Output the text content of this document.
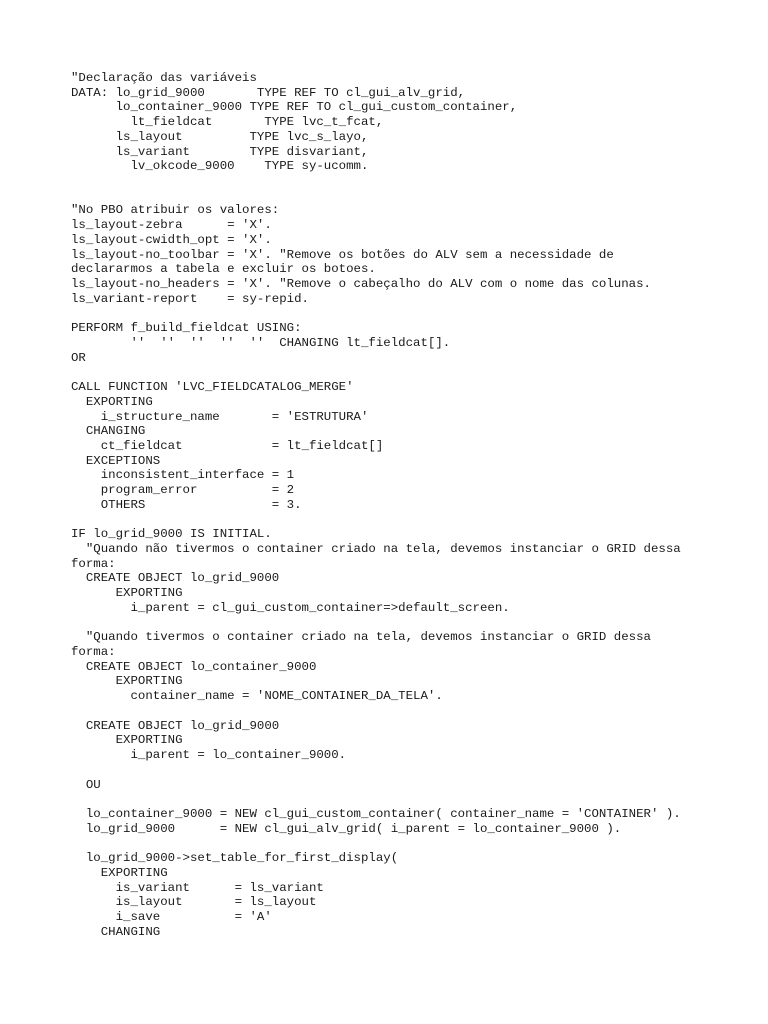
"Declaração das variáveis
DATA: lo_grid_9000       TYPE REF TO cl_gui_alv_grid,
lo_container_9000 TYPE REF TO cl_gui_custom_container,
lt_fieldcat       TYPE lvc_t_fcat,
ls_layout         TYPE lvc_s_layo,
ls_variant        TYPE disvariant,
lv_okcode_9000    TYPE sy-ucomm.
"No PBO atribuir os valores:
ls_layout-zebra      = 'X'.
ls_layout-cwidth_opt = 'X'.
ls_layout-no_toolbar = 'X'. "Remove os botões do ALV sem a necessidade de
declararmos a tabela e excluir os botoes.
ls_layout-no_headers = 'X'. "Remove o cabeçalho do ALV com o nome das colunas.
ls_variant-report    = sy-repid.
PERFORM f_build_fieldcat USING:
''  ''  ''  ''  ''  CHANGING lt_fieldcat[].
OR
CALL FUNCTION 'LVC_FIELDCATALOG_MERGE'
EXPORTING
i_structure_name       = 'ESTRUTURA'
CHANGING
ct_fieldcat            = lt_fieldcat[]
EXCEPTIONS
inconsistent_interface = 1
program_error          = 2
OTHERS                 = 3.
IF lo_grid_9000 IS INITIAL.
"Quando não tivermos o container criado na tela, devemos instanciar o GRID dessa
forma:
CREATE OBJECT lo_grid_9000
EXPORTING
i_parent = cl_gui_custom_container=>default_screen.
"Quando tivermos o container criado na tela, devemos instanciar o GRID dessa
forma:
CREATE OBJECT lo_container_9000
EXPORTING
container_name = 'NOME_CONTAINER_DA_TELA'.
CREATE OBJECT lo_grid_9000
EXPORTING
i_parent = lo_container_9000.
OU
lo_container_9000 = NEW cl_gui_custom_container( container_name = 'CONTAINER' ).
lo_grid_9000      = NEW cl_gui_alv_grid( i_parent = lo_container_9000 ).
lo_grid_9000->set_table_for_first_display(
EXPORTING
is_variant      = ls_variant
is_layout       = ls_layout
i_save          = 'A'
CHANGING
